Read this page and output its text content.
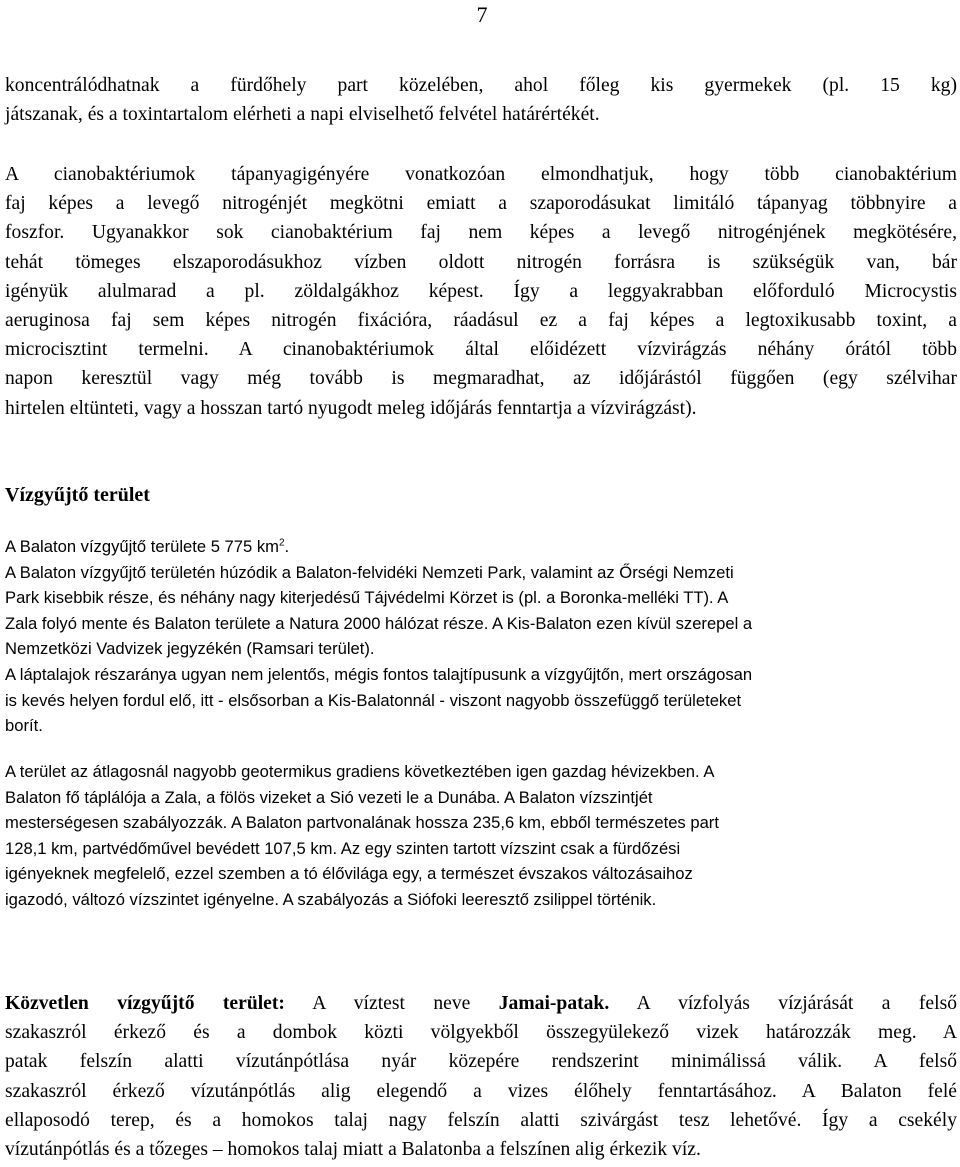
7
koncentrálódhatnak a fürdőhely part közelében, ahol főleg kis gyermekek (pl. 15 kg)
játszanak, és a toxintartalom elérheti a napi elviselhető felvétel határértékét.
A cianobaktériumok tápanyagigényére vonatkozóan elmondhatjuk, hogy több cianobaktérium
faj képes a levegő nitrogénjét megkötni emiatt a szaporodásukat limitáló tápanyag többnyire a
foszfor. Ugyanakkor sok cianobaktérium faj nem képes a levegő nitrogénjének megkötésére,
tehát tömeges elszaporodásukhoz vízben oldott nitrogén forrásra is szükségük van, bár
igényük alulmarad a pl. zöldalgákhoz képest. Így a leggyakrabban előforduló Microcystis
aeruginosa faj sem képes nitrogén fixációra, ráadásul ez a faj képes a legtoxikusabb toxint, a
microcisztint termelni. A cinanobaktériumok által előidézett vízvirágzás néhány órától több
napon keresztül vagy még tovább is megmaradhat, az időjárástól függően (egy szélvihar
hirtelen eltünteti, vagy a hosszan tartó nyugodt meleg időjárás fenntartja a vízvirágzást).
Vízgyűjtő terület
A Balaton vízgyűjtő területe 5 775 $km^2$.
A Balaton vízgyűjtő területén húzódik a Balaton-felvidéki Nemzeti Park, valamint az Őrségi Nemzeti
Park kisebbik része, és néhány nagy kiterjedésű Tájvédelmi Körzet is (pl. a Boronka-melléki TT). A
Zala folyó mente és Balaton területe a Natura 2000 hálózat része. A Kis-Balaton ezen kívül szerepel a
Nemzetközi Vadvizek jegyzékén (Ramsari terület).
A láptalajok részaránya ugyan nem jelentős, mégis fontos talajtípusunk a vízgyűjtőn, mert országosan
is kevés helyen fordul elő, itt - elsősorban a Kis-Balatonnál - viszont nagyobb összefüggő területeket
borít.
A terület az átlagosnál nagyobb geotermikus gradiens következtében igen gazdag hévizekben. A
Balaton fő táplálója a Zala, a fölös vizeket a Sió vezeti le a Dunába. A Balaton vízszintjét
mesterségesen szabályozzák. A Balaton partvonalának hossza 235,6 km, ebből természetes part
128,1 km, partvédőművel bevédett 107,5 km. Az egy szinten tartott vízszint csak a fürdőzési
igényeknek megfelelő, ezzel szemben a tó élővilága egy, a természet évszakos változásaihoz
igazodó, változó vízszintet igényelne. A szabályozás a Siófoki leeresztő zsilippel történik.
Közvetlen vízgyűjtő terület: A víztest neve Jamai-patak. A vízfolyás vízjárását a felső
szakaszról érkező és a dombok közti völgyekből összegyülekező vizek határozzák meg. A
patak felszín alatti vízutánpótlása nyár közepére rendszerint minimálissá válik. A felső
szakaszról érkező vízutánpótlás alig elegendő a vizes élőhely fenntartásához. A Balaton felé
ellaposodó terep, és a homokos talaj nagy felszín alatti szivárgást tesz lehetővé. Így a csekély
vízutánpótlás és a tőzeges – homokos talaj miatt a Balatonba a felszínen alig érkezik víz.
